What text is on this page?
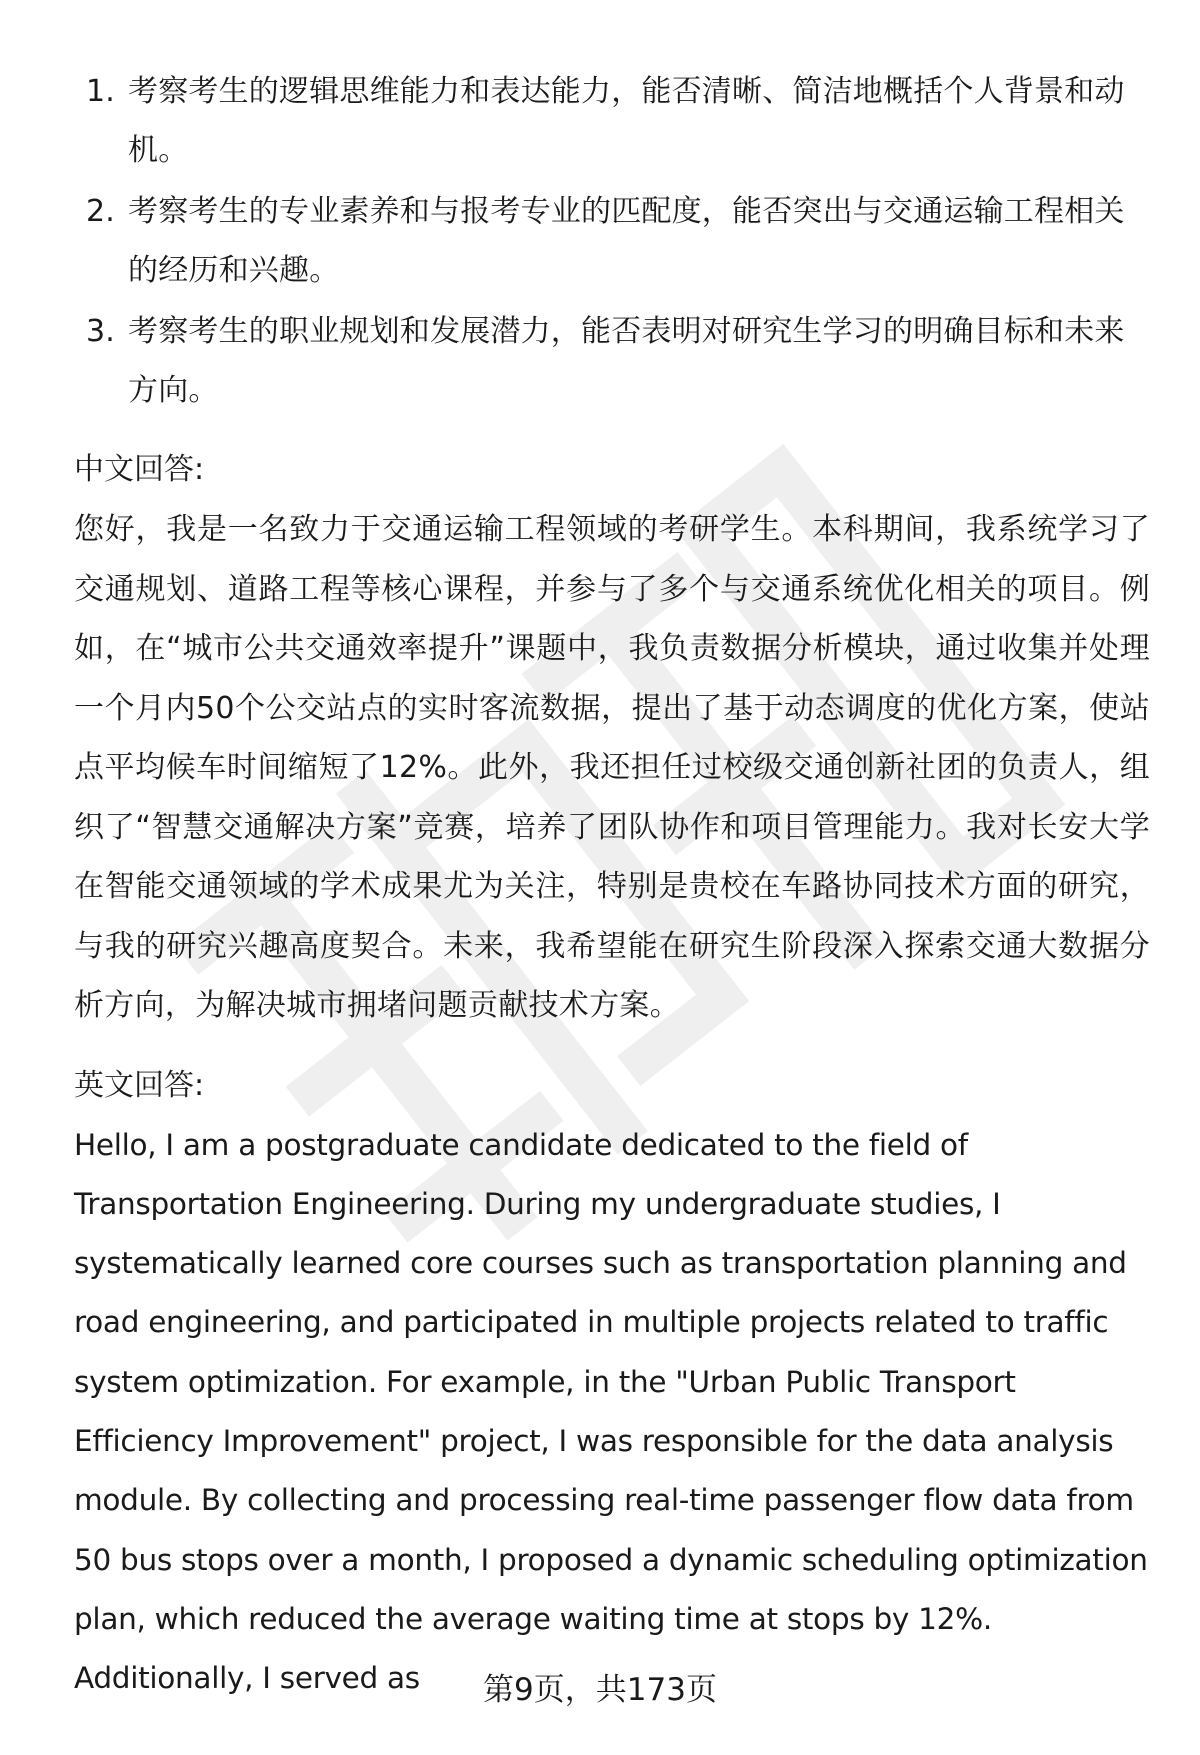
1. 考察考生的逻辑思维能力和表达能力，能否清晰、简洁地概括个人背景和动机。
2. 考察考生的专业素养和与报考专业的匹配度，能否突出与交通运输工程相关的经历和兴趣。
3. 考察考生的职业规划和发展潜力，能否表明对研究生学习的明确目标和未来方向。
中文回答:
您好，我是一名致力于交通运输工程领域的考研学生。本科期间，我系统学习了交通规划、道路工程等核心课程，并参与了多个与交通系统优化相关的项目。例如，在“城市公共交通效率提升”课题中，我负责数据分析模块，通过收集并处理一个月内50个公交站点的实时客流数据，提出了基于动态调度的优化方案，使站点平均候车时间缩短了12%。此外，我还担任过校级交通创新社团的负责人，组织了“智慧交通解决方案”竞赛，培养了团队协作和项目管理能力。我对长安大学在智能交通领域的学术成果尤为关注，特别是贵校在车路协同技术方面的研究，与我的研究兴趣高度契合。未来，我希望能在研究生阶段深入探索交通大数据分析方向，为解决城市拥堵问题贡献技术方案。
英文回答:
Hello, I am a postgraduate candidate dedicated to the field of Transportation Engineering. During my undergraduate studies, I systematically learned core courses such as transportation planning and road engineering, and participated in multiple projects related to traffic system optimization. For example, in the "Urban Public Transport Efficiency Improvement" project, I was responsible for the data analysis module. By collecting and processing real-time passenger flow data from 50 bus stops over a month, I proposed a dynamic scheduling optimization plan, which reduced the average waiting time at stops by 12%. Additionally, I served as	第9页，共173页
